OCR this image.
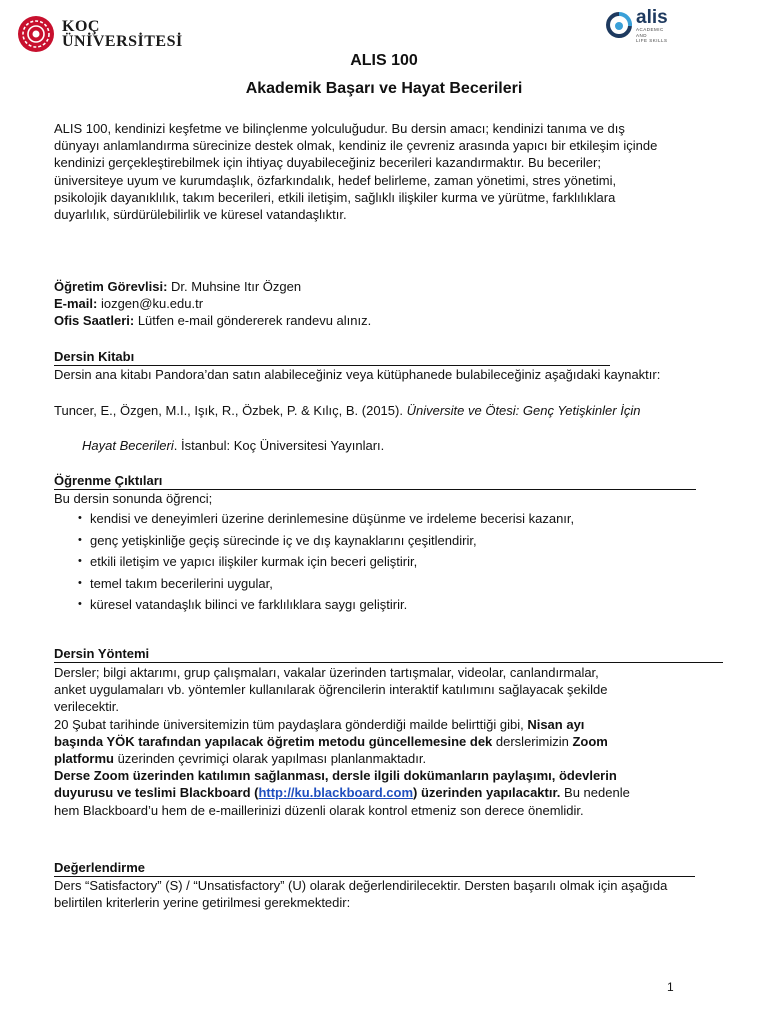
KOÇ
ÜNİVERSİTESİ
alis
ACADEMIC
AND
LIFE SKILLS
ALIS 100
Akademik Başarı ve Hayat Becerileri
ALIS 100, kendinizi keşfetme ve bilinçlenme yolculuğudur. Bu dersin amacı; kendinizi tanıma ve dış
dünyayı anlamlandırma sürecinize destek olmak, kendiniz ile çevreniz arasında yapıcı bir etkileşim içinde
kendinizi gerçekleştirebilmek için ihtiyaç duyabileceğiniz becerileri kazandırmaktır. Bu beceriler;
üniversiteye uyum ve kurumdaşlık, özfarkındalık, hedef belirleme, zaman yönetimi, stres yönetimi,
psikolojik dayanıklılık, takım becerileri, etkili iletişim, sağlıklı ilişkiler kurma ve yürütme, farklılıklara
duyarlılık, sürdürülebilirlik ve küresel vatandaşlıktır.
Öğretim Görevlisi: Dr. Muhsine Itır Özgen
E-mail: iozgen@ku.edu.tr
Ofis Saatleri: Lütfen e-mail göndererek randevu alınız.
Dersin Kitabı
Dersin ana kitabı Pandora’dan satın alabileceğiniz veya kütüphanede bulabileceğiniz aşağıdaki kaynaktır:
Tuncer, E., Özgen, M.I., Işık, R., Özbek, P. & Kılıç, B. (2015). Üniversite ve Ötesi: Genç Yetişkinler İçin
Hayat Becerileri. İstanbul: Koç Üniversitesi Yayınları.
Öğrenme Çıktıları
Bu dersin sonunda öğrenci;
• kendisi ve deneyimleri üzerine derinlemesine düşünme ve irdeleme becerisi kazanır,
• genç yetişkinliğe geçiş sürecinde iç ve dış kaynaklarını çeşitlendirir,
• etkili iletişim ve yapıcı ilişkiler kurmak için beceri geliştirir,
• temel takım becerilerini uygular,
• küresel vatandaşlık bilinci ve farklılıklara saygı geliştirir.
Dersin Yöntemi
Dersler; bilgi aktarımı, grup çalışmaları, vakalar üzerinden tartışmalar, videolar, canlandırmalar,
anket uygulamaları vb. yöntemler kullanılarak öğrencilerin interaktif katılımını sağlayacak şekilde
verilecektir.
20 Şubat tarihinde üniversitemizin tüm paydaşlara gönderdiği mailde belirttiği gibi, Nisan ayı
başında YÖK tarafından yapılacak öğretim metodu güncellemesine dek derslerimizin Zoom
platformu üzerinden çevrimiçi olarak yapılması planlanmaktadır.
Derse Zoom üzerinden katılımın sağlanması, dersle ilgili dokümanların paylaşımı, ödevlerin
duyurusu ve teslimi Blackboard (http://ku.blackboard.com) üzerinden yapılacaktır. Bu nedenle
hem Blackboard’u hem de e-maillerinizi düzenli olarak kontrol etmeniz son derece önemlidir.
Değerlendirme
Ders “Satisfactory” (S) / “Unsatisfactory” (U) olarak değerlendirilecektir. Dersten başarılı olmak için aşağıda
belirtilen kriterlerin yerine getirilmesi gerekmektedir:
1
